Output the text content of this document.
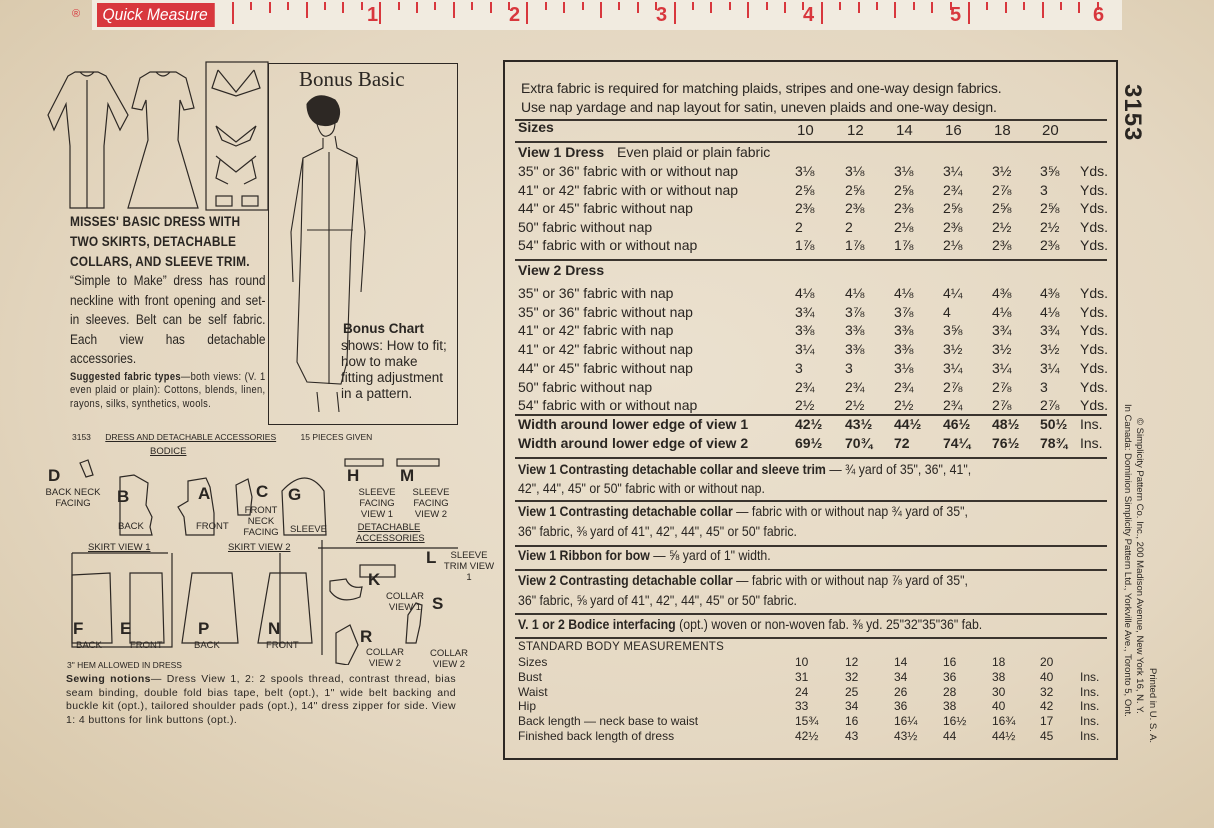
®	Quick Measure
3153
MISSES' BASIC DRESS WITH TWO SKIRTS, DETACHABLE COLLARS, AND SLEEVE TRIM.
“Simple to Make” dress has round neckline with front opening and set-in sleeves. Belt can be self fabric. Each view has detachable accessories.
Suggested fabric types—both views: (V. 1 even plaid or plain): Cottons, blends, linen, rayons, silks, synthetics, wools.
Bonus Basic
Bonus Chart
shows: How to fit; how to make fitting adjustment in a pattern.
3153 DRESS AND DETACHABLE ACCESSORIES	15 PIECES GIVEN
BODICE
SKIRT VIEW 1	SKIRT VIEW 2
DETACHABLE ACCESSORIES
D
BACK NECK FACING	B
BACK
A
FRONT
C
FRONT NECK FACING
G
SLEEVE
H
SLEEVE FACING VIEW 1
M
SLEEVE FACING VIEW 2
F
BACK
E
FRONT
P
BACK
N
FRONT
L	SLEEVE TRIM VIEW 1
K
COLLAR VIEW 1
R
COLLAR VIEW 2
S
COLLAR VIEW 2
3" HEM ALLOWED IN DRESS
Sewing notions— Dress View 1, 2: 2 spools thread, contrast thread, bias seam binding, double fold bias tape, belt (opt.), 1" wide belt backing and buckle kit (opt.), tailored shoulder pads (opt.), 14" dress zipper for side. View 1: 4 buttons for link buttons (opt.).
Extra fabric is required for matching plaids, stripes and one-way design fabrics.
Use nap yardage and nap layout for satin, uneven plaids and one-way design.
Sizes	10 12 14 16 18 20
View 1 Dress Even plaid or plain fabric
35" or 36" fabric with or without nap	3⅛ 3⅛ 3⅛ 3¼ 3½ 3⅝ Yds.
41" or 42" fabric with or without nap	2⅝ 2⅝ 2⅝ 2¾ 2⅞ 3 Yds.
44" or 45" fabric without nap	2⅜ 2⅜ 2⅜ 2⅝ 2⅝ 2⅝ Yds.
50" fabric without nap	2	2	2⅛ 2⅜ 2½ 2½ Yds.
54" fabric with or without nap	1⅞ 1⅞ 1⅞ 2⅛ 2⅜ 2⅜ Yds.
View 2 Dress
35" or 36" fabric with nap	4⅛ 4⅛ 4⅛ 4¼ 4⅜ 4⅜ Yds.
35" or 36" fabric without nap	3¾ 3⅞ 3⅞ 4	4⅛ 4⅛ Yds.
41" or 42" fabric with nap	3⅜ 3⅜ 3⅜ 3⅝ 3¾ 3¾ Yds.
41" or 42" fabric without nap	3¼ 3⅜ 3⅜ 3½ 3½ 3½ Yds.
44" or 45" fabric without nap	3	3	3⅛ 3¼ 3¼ 3¼ Yds.
50" fabric without nap	2¾ 2¾ 2¾ 2⅞ 2⅞ 3 Yds.
54" fabric with or without nap	2½ 2½ 2½ 2¾ 2⅞ 2⅞ Yds.
Width around lower edge of view 1	42½ 43½ 44½ 46½ 48½ 50½ Ins.
Width around lower edge of view 2	69½ 70¾ 72 74¼ 76½ 78¾ Ins.
View 1 Contrasting detachable collar and sleeve trim — ¾ yard of 35", 36", 41",
42", 44", 45" or 50" fabric with or without nap.
View 1 Contrasting detachable collar — fabric with or without nap ¾ yard of 35",
36" fabric, ⅜ yard of 41", 42", 44", 45" or 50" fabric.
View 1 Ribbon for bow — ⅝ yard of 1" width.
View 2 Contrasting detachable collar — fabric with or without nap ⅞ yard of 35",
36" fabric, ⅝ yard of 41", 42", 44", 45" or 50" fabric.
V. 1 or 2 Bodice interfacing (opt.) woven or non-woven fab. ⅜ yd. 25"32"35"36" fab.
STANDARD BODY MEASUREMENTS
Sizes	10	12	14	16	18	20
Bust	31	32	34	36	38	40 Ins.
Waist	24	25	26	28	30	32 Ins.
Hip	33	34	36	38	40	42 Ins.
Back length — neck base to waist	15¾ 16	16¼ 16½ 16¾ 17 Ins.
Finished back length of dress	42½ 43	43½ 44	44½ 45 Ins.	Printed in U. S. A.
© Simplicity Pattern Co. Inc., 200 Madison Avenue, New York 16, N. Y.
In Canada: Dominion Simplicity Pattern Ltd., Yorkville Ave., Toronto 5, Ont.
1	2	3	4	5	6
